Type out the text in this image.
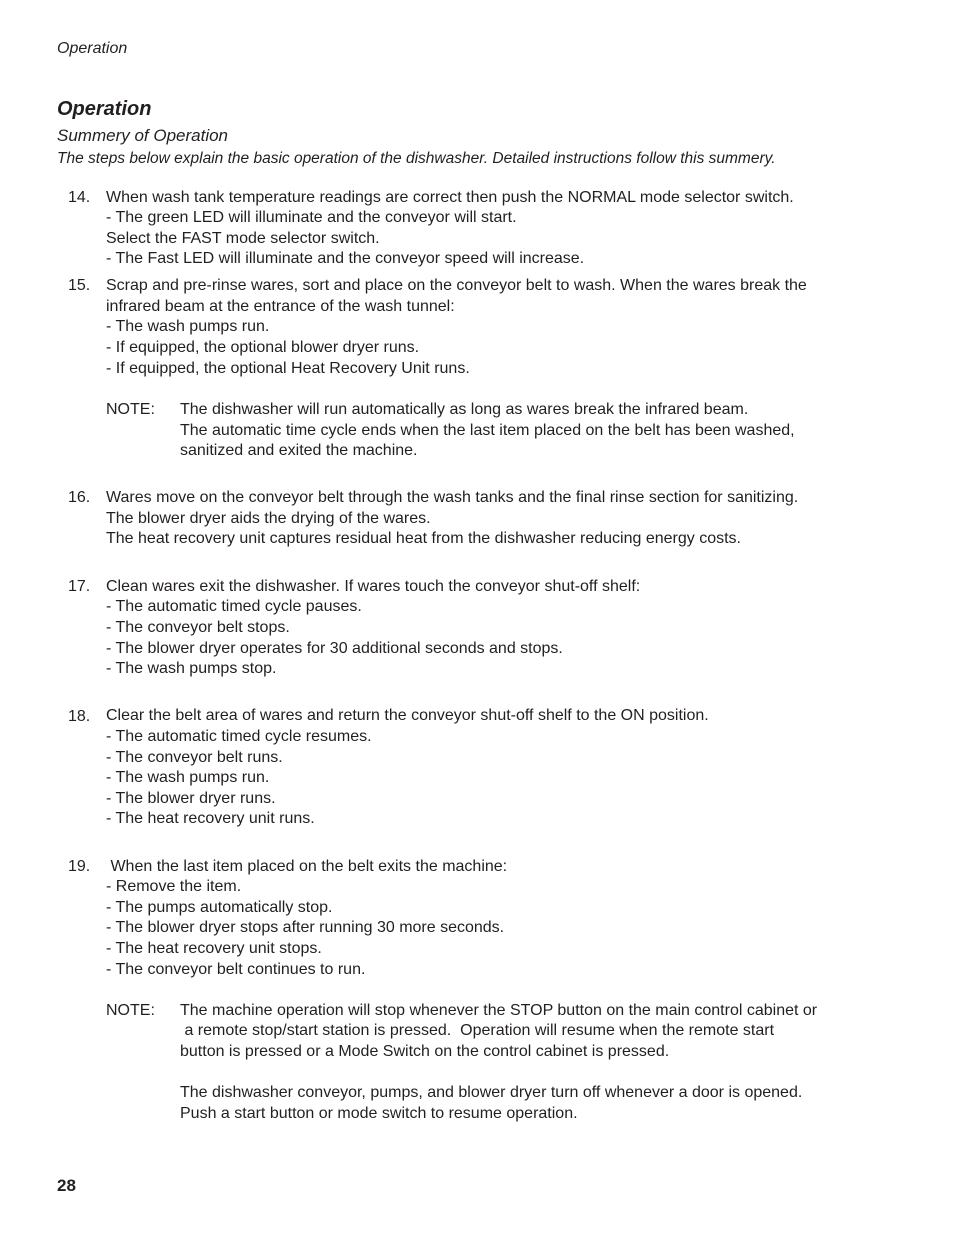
Operation
Operation
Summery of Operation
The steps below explain the basic operation of the dishwasher. Detailed instructions follow this summery.
14. When wash tank temperature readings are correct then push the NORMAL mode selector switch.
- The green LED will illuminate and the conveyor will start.
Select the FAST mode selector switch.
- The Fast LED will illuminate and the conveyor speed will increase.
15. Scrap and pre-rinse wares, sort and place on the conveyor belt to wash. When the wares break the
infrared beam at the entrance of the wash tunnel:
- The wash pumps run.
- If equipped, the optional blower dryer runs.
- If equipped, the optional Heat Recovery Unit runs.
NOTE: The dishwasher will run automatically as long as wares break the infrared beam.
The automatic time cycle ends when the last item placed on the belt has been washed,
sanitized and exited the machine.
16. Wares move on the conveyor belt through the wash tanks and the final rinse section for sanitizing.
The blower dryer aids the drying of the wares.
The heat recovery unit captures residual heat from the dishwasher reducing energy costs.
17. Clean wares exit the dishwasher. If wares touch the conveyor shut-off shelf:
- The automatic timed cycle pauses.
- The conveyor belt stops.
- The blower dryer operates for 30 additional seconds and stops.
- The wash pumps stop.
18. Clear the belt area of wares and return the conveyor shut-off shelf to the ON position.
- The automatic timed cycle resumes.
- The conveyor belt runs.
- The wash pumps run.
- The blower dryer runs.
- The heat recovery unit runs.
19. When the last item placed on the belt exits the machine:
- Remove the item.
- The pumps automatically stop.
- The blower dryer stops after running 30 more seconds.
- The heat recovery unit stops.
- The conveyor belt continues to run.
NOTE: The machine operation will stop whenever the STOP button on the main control cabinet or
a remote stop/start station is pressed.  Operation will resume when the remote start
button is pressed or a Mode Switch on the control cabinet is pressed.
The dishwasher conveyor, pumps, and blower dryer turn off whenever a door is opened.
Push a start button or mode switch to resume operation.
28
